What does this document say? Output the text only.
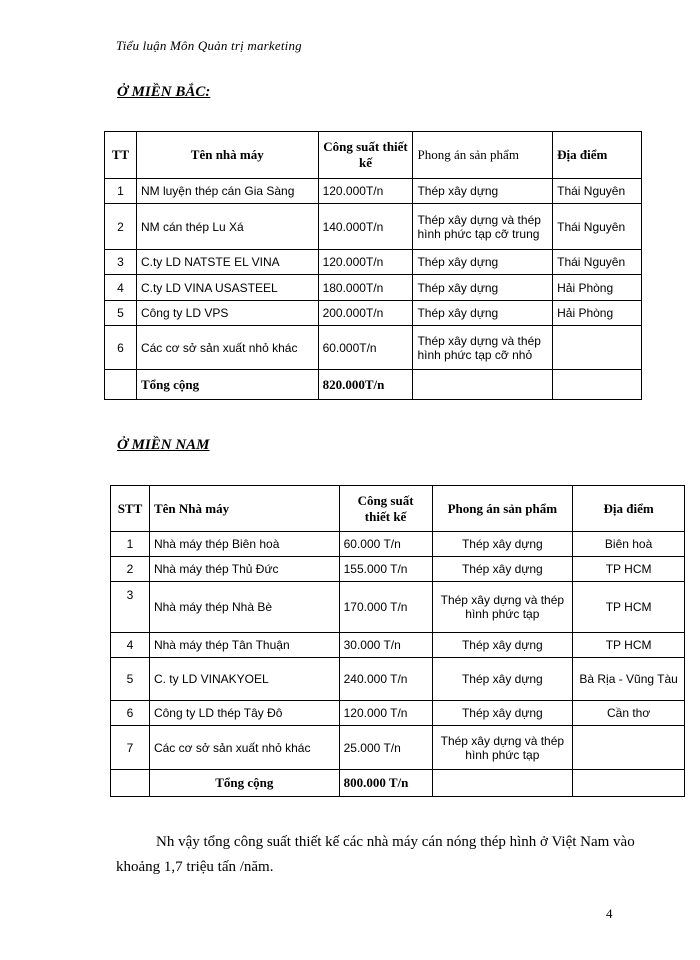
Tiểu luận Môn Quản trị marketing
Ở MIỀN BẮC:
TT	Tên nhà máy	Công suất thiết kế	Phong án sản phẩm	Địa điểm
1	NM luyện thép cán Gia Sàng	120.000T/n	Thép xây dựng	Thái Nguyên
2	NM cán thép Lu Xá	140.000T/n	Thép xây dựng và thép hình phức tạp cỡ trung	Thái Nguyên
3	C.ty LD NATSTE EL VINA	120.000T/n	Thép xây dựng	Thái Nguyên
4	C.ty LD VINA USASTEEL	180.000T/n	Thép xây dựng	Hải Phòng
5	Công ty LD VPS	200.000T/n	Thép xây dựng	Hải Phòng
6	Các cơ sở sản xuất nhỏ khác	60.000T/n	Thép xây dựng và thép hình phức tạp cỡ nhỏ	
	Tổng cộng	820.000T/n		
Ở MIỀN NAM
STT	Tên Nhà máy	Công suất thiết kế	Phong án sản phẩm	Địa điểm
1	Nhà máy thép Biên hoà	60.000 T/n	Thép xây dựng	Biên hoà
2	Nhà máy thép Thủ Đức	155.000 T/n	Thép xây dựng	TP HCM
3	Nhà máy thép Nhà Bè	170.000 T/n	Thép xây dựng và thép hình phức tạp	TP HCM
4	Nhà máy thép Tân Thuận	30.000 T/n	Thép xây dựng	TP HCM
5	C. ty LD VINAKYOEL	240.000 T/n	Thép xây dựng	Bà Rịa - Vũng Tàu
6	Công ty LD thép Tây Đô	120.000 T/n	Thép xây dựng	Cần thơ
7	Các cơ sở sản xuất nhỏ khác	25.000 T/n	Thép xây dựng và thép hình phức tạp	
	Tổng cộng	800.000 T/n		
Nh vậy tổng công suất thiết kế các nhà máy cán nóng thép hình ở Việt Nam vào khoảng 1,7 triệu tấn /năm.
4
